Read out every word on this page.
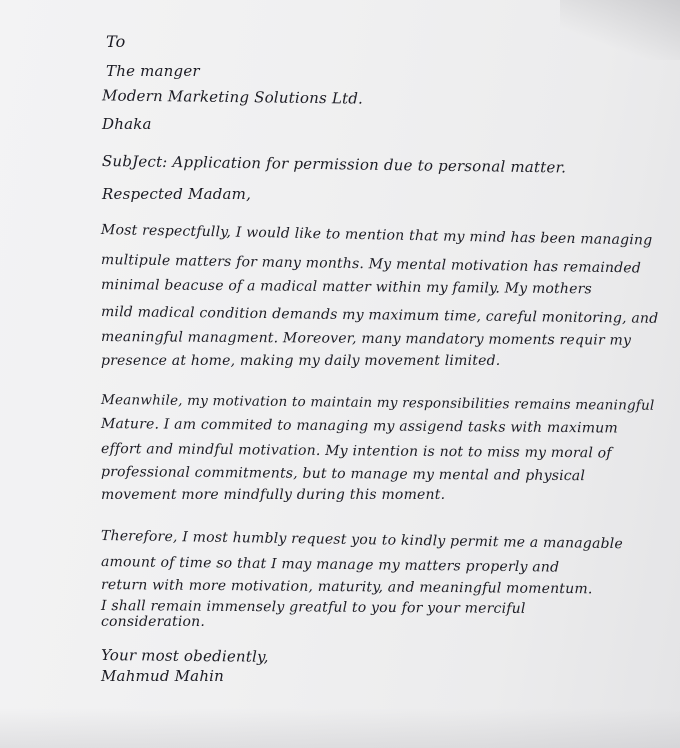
To
The manger
Modern Marketing Solutions Ltd.
Dhaka
SubJect: Application for permission due to personal matter.
Respected Madam,
Most respectfully, I would like to mention that my mind has been managing
multipule matters for many months. My mental motivation has remainded
minimal beacuse of a madical matter within my family. My mothers
mild madical condition demands my maximum time, careful monitoring, and
meaningful managment. Moreover, many mandatory moments requir my
presence at home, making my daily movement limited.
Meanwhile, my motivation to maintain my responsibilities remains meaningful
Mature. I am commited to managing my assigend tasks with maximum
effort and mindful motivation. My intention is not to miss my moral of
professional commitments, but to manage my mental and physical
movement more mindfully during this moment.
Therefore, I most humbly request you to kindly permit me a managable
amount of time so that I may manage my matters properly and
return with more motivation, maturity, and meaningful momentum.
I shall remain immensely greatful to you for your merciful
consideration.
Your most obediently,
Mahmud Mahin
